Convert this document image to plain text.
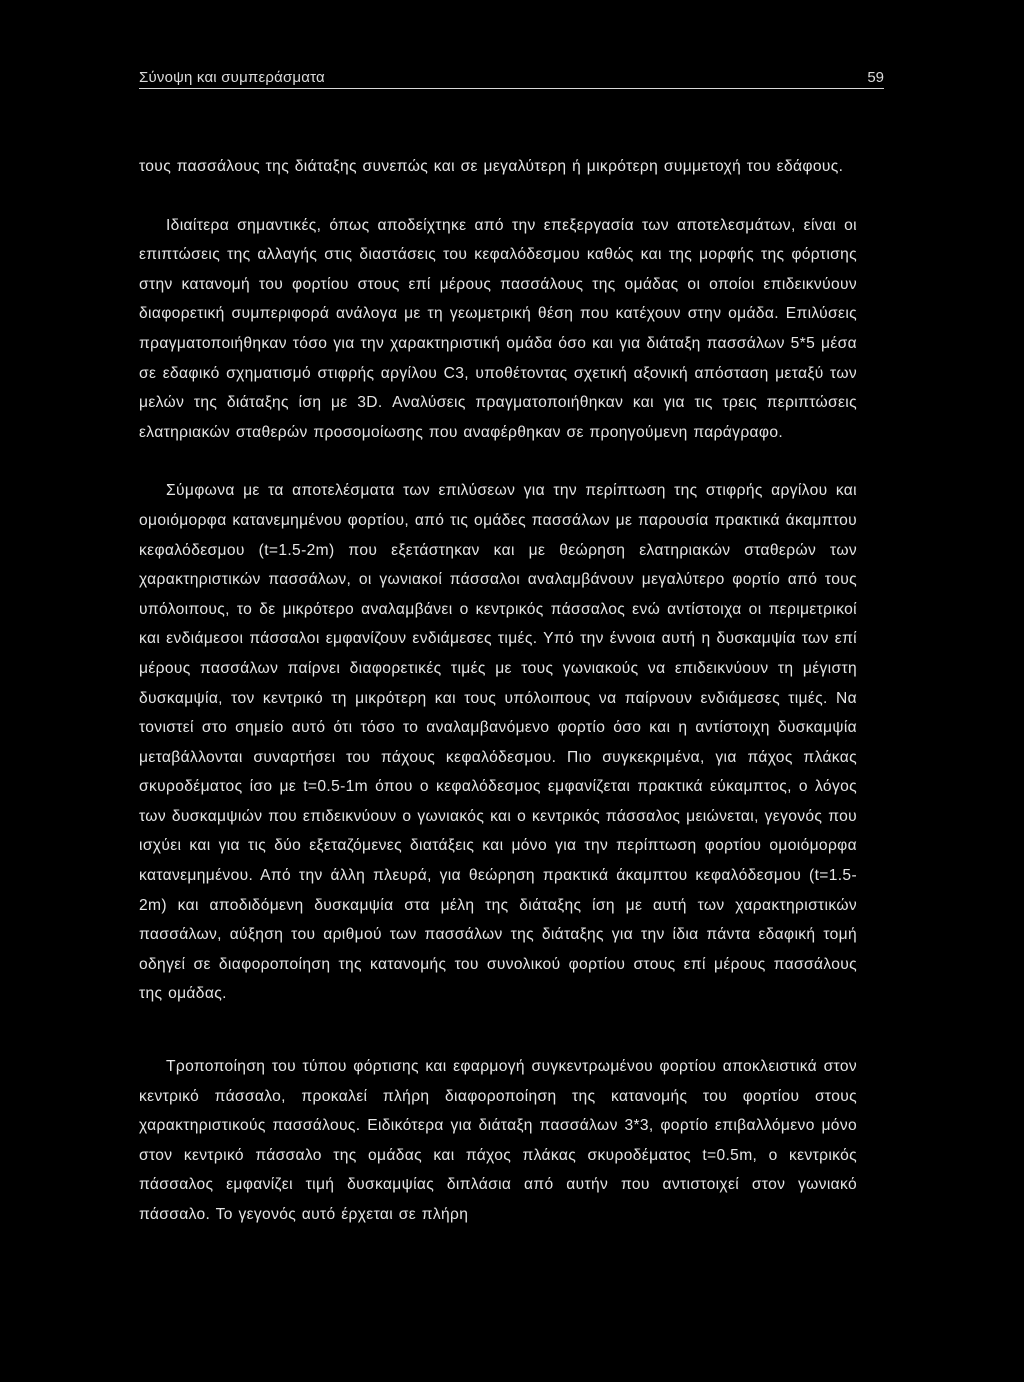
Σύνοψη και συμπεράσματα	59

τους πασσάλους της διάταξης συνεπώς και σε μεγαλύτερη ή μικρότερη συμμετοχή του εδάφους.

Ιδιαίτερα σημαντικές, όπως αποδείχτηκε από την επεξεργασία των αποτελεσμάτων, είναι οι επιπτώσεις της αλλαγής στις διαστάσεις του κεφαλόδεσμου καθώς και της μορφής της φόρτισης στην κατανομή του φορτίου στους επί μέρους πασσάλους της ομάδας οι οποίοι επιδεικνύουν διαφορετική συμπεριφορά ανάλογα με τη γεωμετρική θέση που κατέχουν στην ομάδα. Επιλύσεις πραγματοποιήθηκαν τόσο για την χαρακτηριστική ομάδα όσο και για διάταξη πασσάλων 5*5 μέσα σε εδαφικό σχηματισμό στιφρής αργίλου C3, υποθέτοντας σχετική αξονική απόσταση μεταξύ των μελών της διάταξης ίση με 3D. Αναλύσεις πραγματοποιήθηκαν και για τις τρεις περιπτώσεις ελατηριακών σταθερών προσομοίωσης που αναφέρθηκαν σε προηγούμενη παράγραφο.

Σύμφωνα με τα αποτελέσματα των επιλύσεων για την περίπτωση της στιφρής αργίλου και ομοιόμορφα κατανεμημένου φορτίου, από τις ομάδες πασσάλων με παρουσία πρακτικά άκαμπτου κεφαλόδεσμου (t=1.5-2m) που εξετάστηκαν και με θεώρηση ελατηριακών σταθερών των χαρακτηριστικών πασσάλων, οι γωνιακοί πάσσαλοι αναλαμβάνουν μεγαλύτερο φορτίο από τους υπόλοιπους, το δε μικρότερο αναλαμβάνει ο κεντρικός πάσσαλος ενώ αντίστοιχα οι περιμετρικοί και ενδιάμεσοι πάσσαλοι εμφανίζουν ενδιάμεσες τιμές. Υπό την έννοια αυτή η δυσκαμψία των επί μέρους πασσάλων παίρνει διαφορετικές τιμές με τους γωνιακούς να επιδεικνύουν τη μέγιστη δυσκαμψία, τον κεντρικό τη μικρότερη και τους υπόλοιπους να παίρνουν ενδιάμεσες τιμές. Να τονιστεί στο σημείο αυτό ότι τόσο το αναλαμβανόμενο φορτίο όσο και η αντίστοιχη δυσκαμψία μεταβάλλονται συναρτήσει του πάχους κεφαλόδεσμου. Πιο συγκεκριμένα, για πάχος πλάκας σκυροδέματος ίσο με t=0.5-1m όπου ο κεφαλόδεσμος εμφανίζεται πρακτικά εύκαμπτος, ο λόγος των δυσκαμψιών που επιδεικνύουν ο γωνιακός και ο κεντρικός πάσσαλος μειώνεται, γεγονός που ισχύει και για τις δύο εξεταζόμενες διατάξεις και μόνο για την περίπτωση φορτίου ομοιόμορφα κατανεμημένου. Από την άλλη πλευρά, για θεώρηση πρακτικά άκαμπτου κεφαλόδεσμου (t=1.5-2m) και αποδιδόμενη δυσκαμψία στα μέλη της διάταξης ίση με αυτή των χαρακτηριστικών πασσάλων, αύξηση του αριθμού των πασσάλων της διάταξης για την ίδια πάντα εδαφική τομή οδηγεί σε διαφοροποίηση της κατανομής του συνολικού φορτίου στους επί μέρους πασσάλους της ομάδας.

Τροποποίηση του τύπου φόρτισης και εφαρμογή συγκεντρωμένου φορτίου αποκλειστικά στον κεντρικό πάσσαλο, προκαλεί πλήρη διαφοροποίηση της κατανομής του φορτίου στους χαρακτηριστικούς πασσάλους. Ειδικότερα για διάταξη πασσάλων 3*3, φορτίο επιβαλλόμενο μόνο στον κεντρικό πάσσαλο της ομάδας και πάχος πλάκας σκυροδέματος t=0.5m, ο κεντρικός πάσσαλος εμφανίζει τιμή δυσκαμψίας διπλάσια από αυτήν που αντιστοιχεί στον γωνιακό πάσσαλο. Το γεγονός αυτό έρχεται σε πλήρη
